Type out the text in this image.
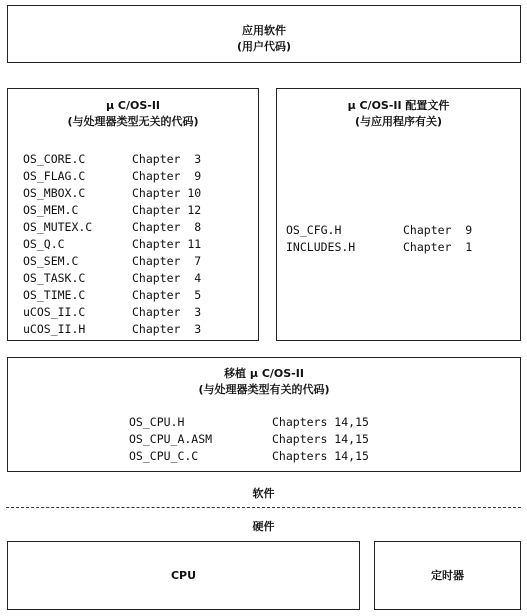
应用软件
(用户代码)
μ C/OS-II
(与处理器类型无关的代码)
OS_CORE.C	Chapter  3
OS_FLAG.C	Chapter  9
OS_MBOX.C	Chapter 10
OS_MEM.C	Chapter 12
OS_MUTEX.C	Chapter  8
OS_Q.C	Chapter 11
OS_SEM.C	Chapter  7
OS_TASK.C	Chapter  4
OS_TIME.C	Chapter  5
uCOS_II.C	Chapter  3
uCOS_II.H	Chapter  3
μ C/OS-II 配置文件
(与应用程序有关)
OS_CFG.H	Chapter  9
INCLUDES.H	Chapter  1
移植 μ C/OS-II
(与处理器类型有关的代码)
OS_CPU.H	Chapters 14,15
OS_CPU_A.ASM	Chapters 14,15
OS_CPU_C.C	Chapters 14,15
软件
硬件
CPU	定时器
